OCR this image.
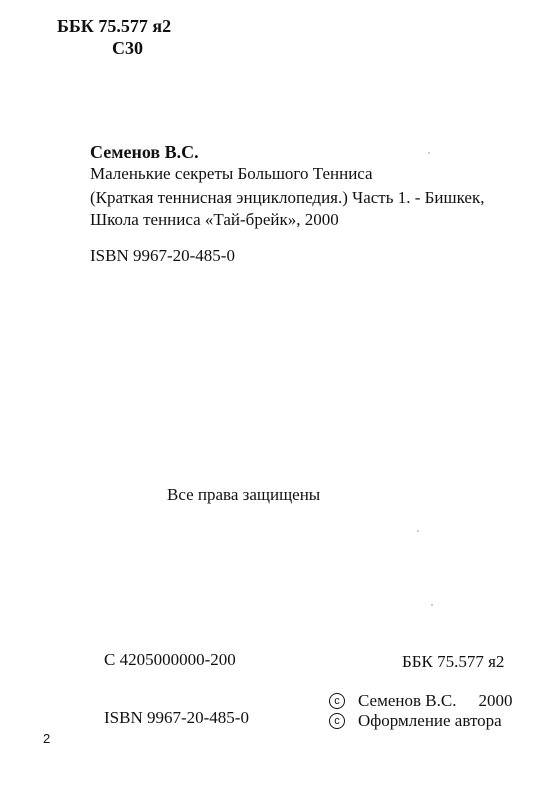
ББК 75.577 я2
С30
Семенов В.С.
Маленькие секреты Большого Тенниса
(Краткая теннисная энциклопедия.) Часть 1. - Бишкек,
Школа тенниса «Тай-брейк», 2000
ISBN 9967-20-485-0
Все права защищены
С 4205000000-200	ББК 75.577 я2
ISBN 9967-20-485-0
c	Семенов В.С. 2000
c	Оформление автора
2
